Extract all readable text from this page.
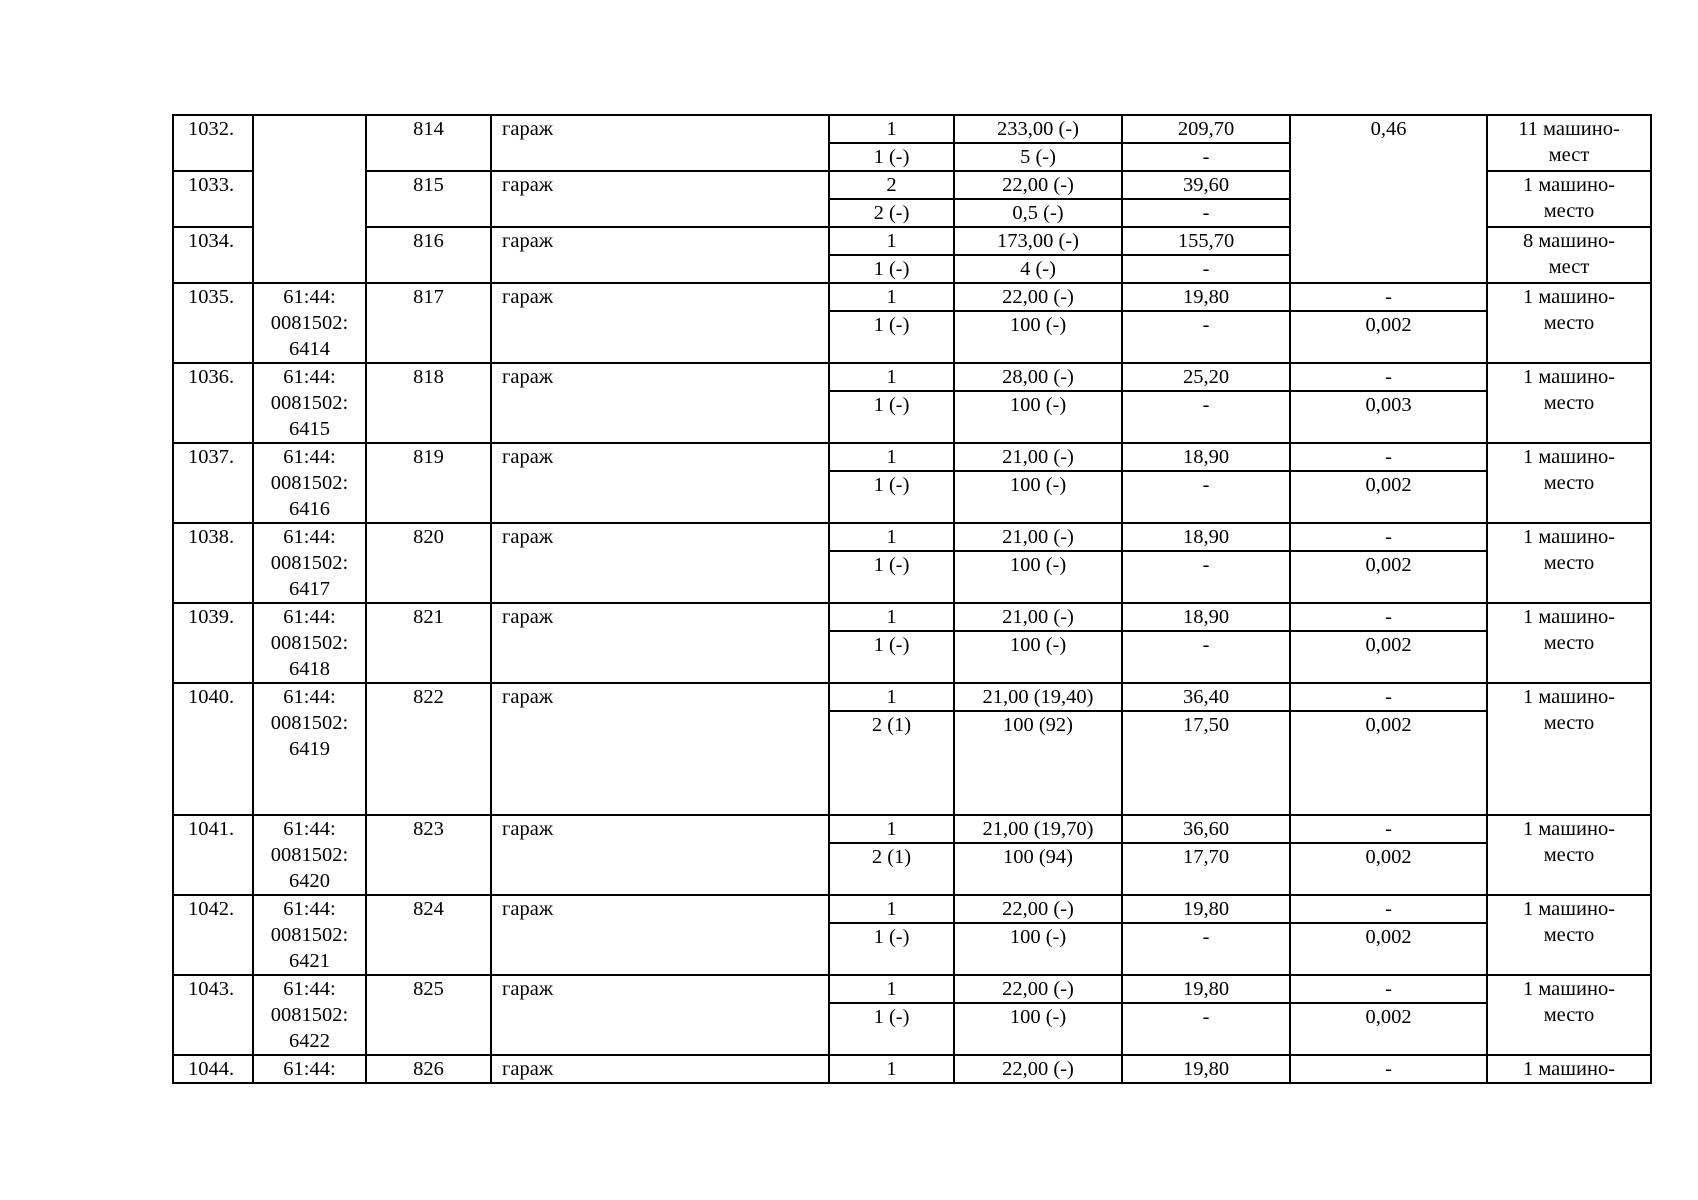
1032.		814	гараж	1	233,00 (-)	209,70	0,46	11 машино-
мест
				1 (-)	5 (-)	-		
1033.		815	гараж	2	22,00 (-)	39,60		1 машино-
место
				2 (-)	0,5 (-)	-		
1034.		816	гараж	1	173,00 (-)	155,70		8 машино-
мест
				1 (-)	4 (-)	-		
1035.	61:44:
0081502:
6414	817	гараж	1	22,00 (-)	19,80	-	1 машино-
место
				1 (-)	100 (-)	-	0,002	
1036.	61:44:
0081502:
6415	818	гараж	1	28,00 (-)	25,20	-	1 машино-
место
				1 (-)	100 (-)	-	0,003	
1037.	61:44:
0081502:
6416	819	гараж	1	21,00 (-)	18,90	-	1 машино-
место
				1 (-)	100 (-)	-	0,002	
1038.	61:44:
0081502:
6417	820	гараж	1	21,00 (-)	18,90	-	1 машино-
место
				1 (-)	100 (-)	-	0,002	
1039.	61:44:
0081502:
6418	821	гараж	1	21,00 (-)	18,90	-	1 машино-
место
				1 (-)	100 (-)	-	0,002	
1040.	61:44:
0081502:
6419	822	гараж	1	21,00 (19,40)	36,40	-	1 машино-
место
				2 (1)	100 (92)	17,50	0,002	
1041.	61:44:
0081502:
6420	823	гараж	1	21,00 (19,70)	36,60	-	1 машино-
место
				2 (1)	100 (94)	17,70	0,002	
1042.	61:44:
0081502:
6421	824	гараж	1	22,00 (-)	19,80	-	1 машино-
место
				1 (-)	100 (-)	-	0,002	
1043.	61:44:
0081502:
6422	825	гараж	1	22,00 (-)	19,80	-	1 машино-
место
				1 (-)	100 (-)	-	0,002	
1044.	61:44:	826	гараж	1	22,00 (-)	19,80	-	1 машино-
